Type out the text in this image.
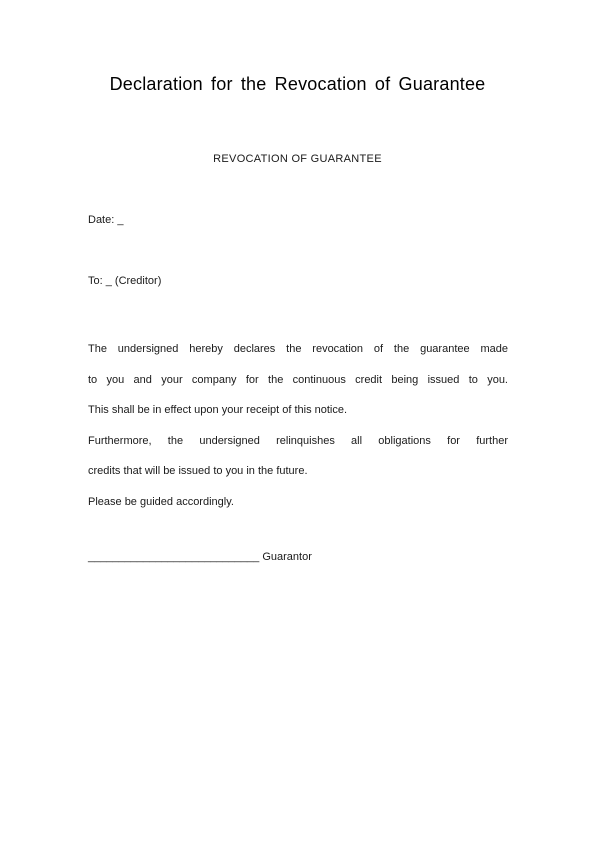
Declaration for the Revocation of Guarantee
REVOCATION OF GUARANTEE
Date: _
To: _ (Creditor)
The undersigned hereby declares the revocation of the guarantee made
to you and your company for the continuous credit being issued to you.
This shall be in effect upon your receipt of this notice.
Furthermore, the undersigned relinquishes all obligations for further
credits that will be issued to you in the future.
Please be guided accordingly.
____________________________ Guarantor
